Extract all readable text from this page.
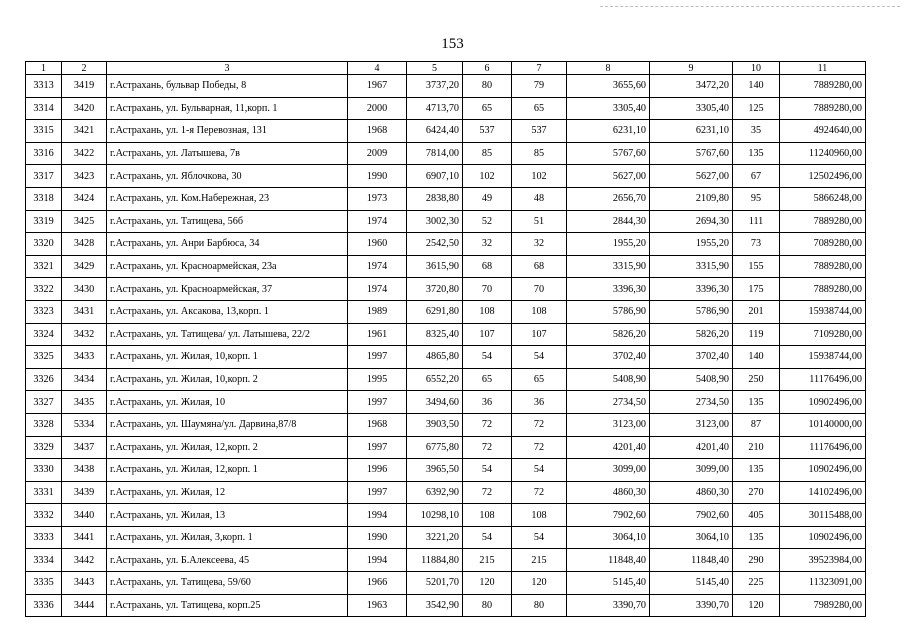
153
1	2	3	4	5	6	7	8	9	10	11
3313	3419	г.Астрахань, бульвар Победы, 8	1967	3737,20	80	79	3655,60	3472,20	140	7889280,00
3314	3420	г.Астрахань, ул. Бульварная, 11,корп. 1	2000	4713,70	65	65	3305,40	3305,40	125	7889280,00
3315	3421	г.Астрахань, ул. 1-я Перевозная, 131	1968	6424,40	537	537	6231,10	6231,10	35	4924640,00
3316	3422	г.Астрахань, ул. Латышева, 7в	2009	7814,00	85	85	5767,60	5767,60	135	11240960,00
3317	3423	г.Астрахань, ул. Яблочкова, 30	1990	6907,10	102	102	5627,00	5627,00	67	12502496,00
3318	3424	г.Астрахань, ул. Ком.Набережная, 23	1973	2838,80	49	48	2656,70	2109,80	95	5866248,00
3319	3425	г.Астрахань, ул. Татищева, 56б	1974	3002,30	52	51	2844,30	2694,30	111	7889280,00
3320	3428	г.Астрахань, ул. Анри Барбюса, 34	1960	2542,50	32	32	1955,20	1955,20	73	7089280,00
3321	3429	г.Астрахань, ул. Красноармейская, 23а	1974	3615,90	68	68	3315,90	3315,90	155	7889280,00
3322	3430	г.Астрахань, ул. Красноармейская, 37	1974	3720,80	70	70	3396,30	3396,30	175	7889280,00
3323	3431	г.Астрахань, ул. Аксакова, 13,корп. 1	1989	6291,80	108	108	5786,90	5786,90	201	15938744,00
3324	3432	г.Астрахань, ул. Татищева/ ул. Латышева, 22/2	1961	8325,40	107	107	5826,20	5826,20	119	7109280,00
3325	3433	г.Астрахань, ул. Жилая, 10,корп. 1	1997	4865,80	54	54	3702,40	3702,40	140	15938744,00
3326	3434	г.Астрахань, ул. Жилая, 10,корп. 2	1995	6552,20	65	65	5408,90	5408,90	250	11176496,00
3327	3435	г.Астрахань, ул. Жилая, 10	1997	3494,60	36	36	2734,50	2734,50	135	10902496,00
3328	5334	г.Астрахань, ул. Шаумяна/ул. Дарвина,87/8	1968	3903,50	72	72	3123,00	3123,00	87	10140000,00
3329	3437	г.Астрахань, ул. Жилая, 12,корп. 2	1997	6775,80	72	72	4201,40	4201,40	210	11176496,00
3330	3438	г.Астрахань, ул. Жилая, 12,корп. 1	1996	3965,50	54	54	3099,00	3099,00	135	10902496,00
3331	3439	г.Астрахань, ул. Жилая, 12	1997	6392,90	72	72	4860,30	4860,30	270	14102496,00
3332	3440	г.Астрахань, ул. Жилая, 13	1994	10298,10	108	108	7902,60	7902,60	405	30115488,00
3333	3441	г.Астрахань, ул. Жилая, 3,корп. 1	1990	3221,20	54	54	3064,10	3064,10	135	10902496,00
3334	3442	г.Астрахань, ул. Б.Алексеева, 45	1994	11884,80	215	215	11848,40	11848,40	290	39523984,00
3335	3443	г.Астрахань, ул. Татищева, 59/60	1966	5201,70	120	120	5145,40	5145,40	225	11323091,00
3336	3444	г.Астрахань, ул. Татищева, корп.25	1963	3542,90	80	80	3390,70	3390,70	120	7989280,00
